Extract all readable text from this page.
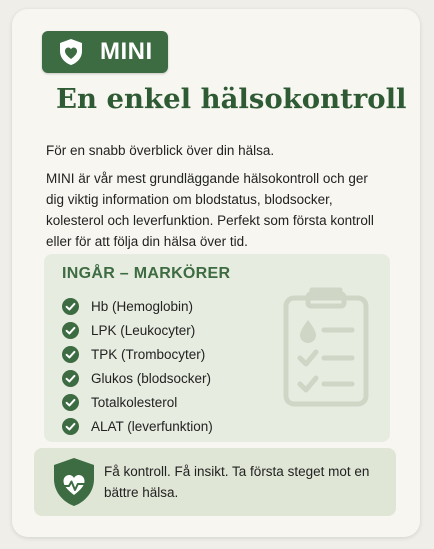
MINI
En enkel hälsokontroll

För en snabb överblick över din hälsa.

MINI är vår mest grundläggande hälsokontroll och ger dig viktig information om blodstatus, blodsocker, kolesterol och leverfunktion. Perfekt som första kontroll eller för att följa din hälsa över tid.

INGÅR – MARKÖRER
Hb (Hemoglobin)
LPK (Leukocyter)
TPK (Trombocyter)
Glukos (blodsocker)
Totalkolesterol
ALAT (leverfunktion)

Få kontroll. Få insikt. Ta första steget mot en bättre hälsa.
